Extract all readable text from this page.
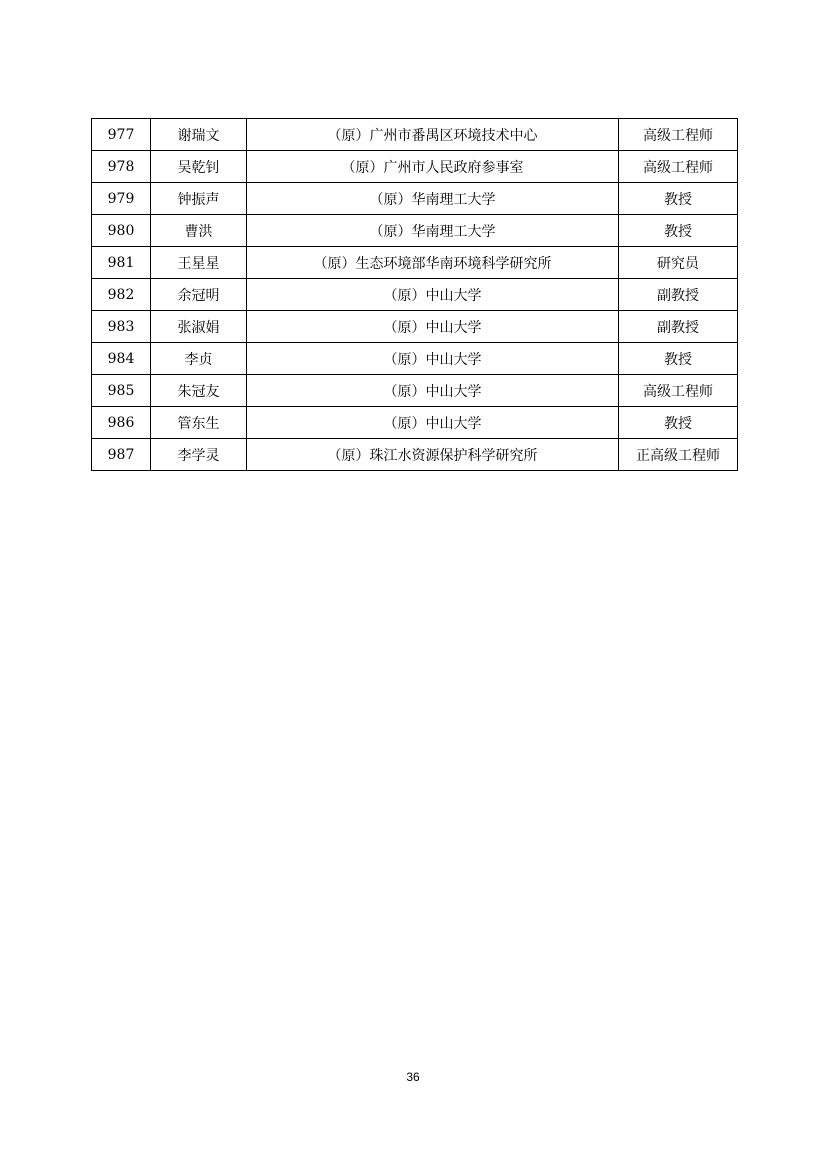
977	谢瑞文	（原）广州市番禺区环境技术中心	高级工程师
978	吴乾钊	（原）广州市人民政府参事室	高级工程师
979	钟振声	（原）华南理工大学	教授
980	曹洪	（原）华南理工大学	教授
981	王星星	（原）生态环境部华南环境科学研究所	研究员
982	余冠明	（原）中山大学	副教授
983	张淑娟	（原）中山大学	副教授
984	李贞	（原）中山大学	教授
985	朱冠友	（原）中山大学	高级工程师
986	管东生	（原）中山大学	教授
987	李学灵	（原）珠江水资源保护科学研究所	正高级工程师
36
